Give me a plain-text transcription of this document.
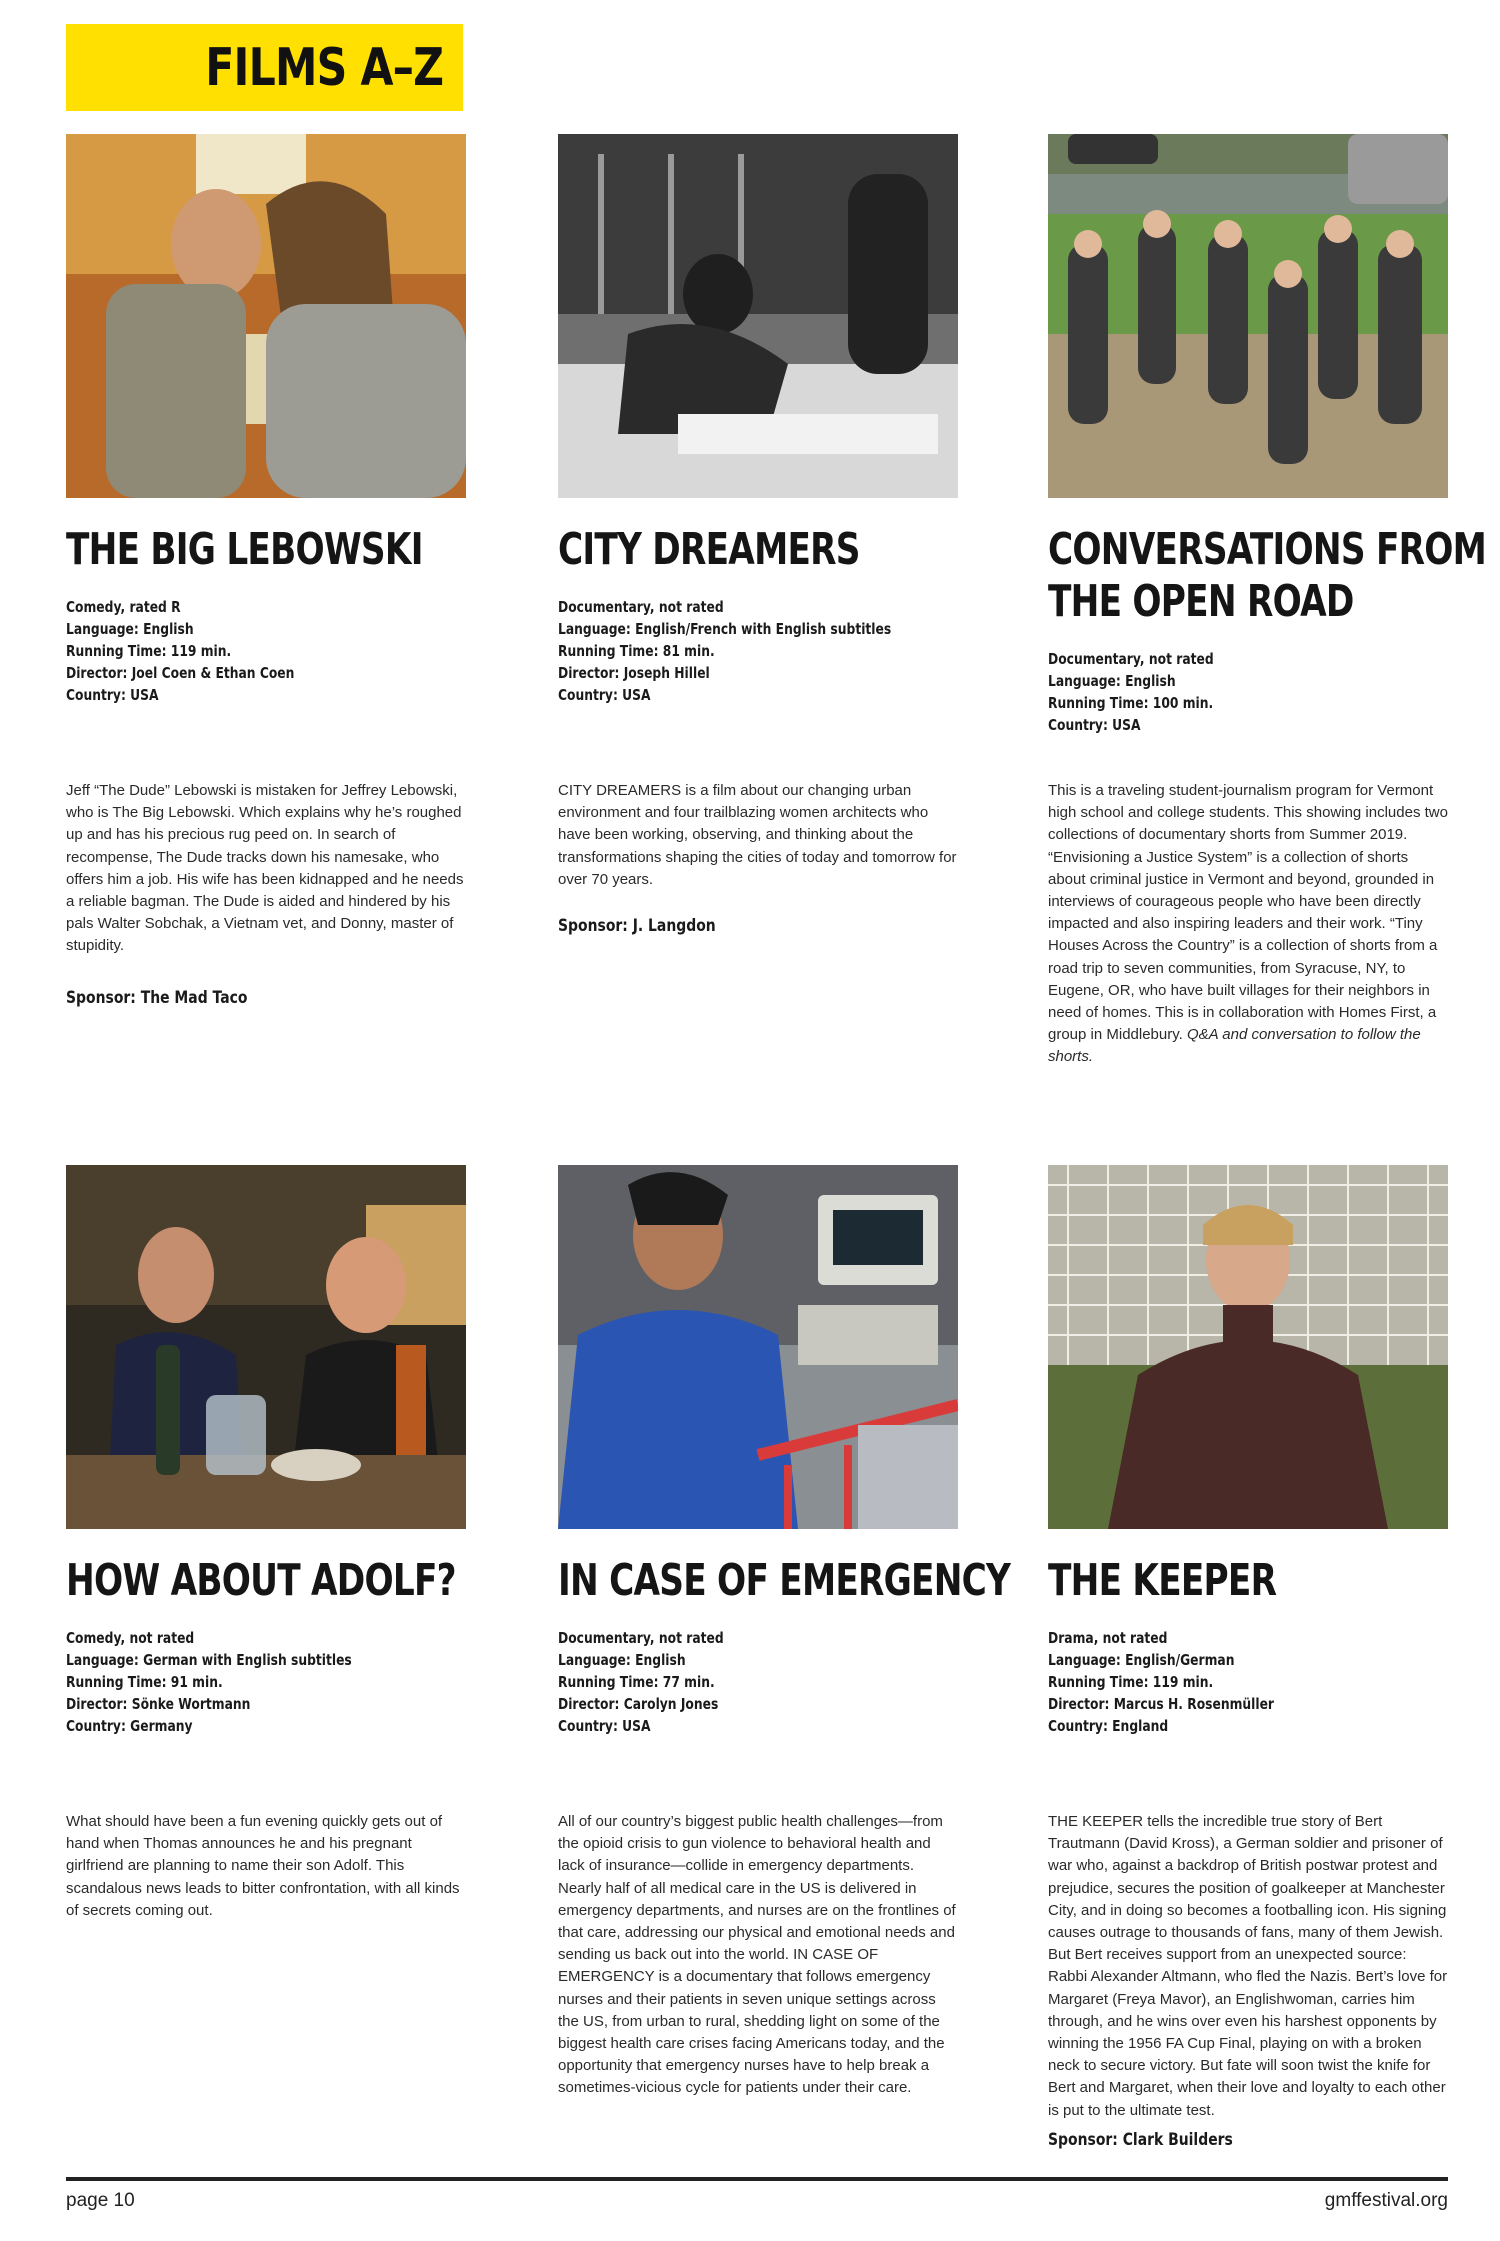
FILMS A–Z
THE BIG LEBOWSKI
Comedy, rated R
Language: English
Running Time: 119 min.
Director: Joel Coen & Ethan Coen
Country: USA
Jeff “The Dude” Lebowski is mistaken for Jeffrey Lebowski, who is The Big Lebowski. Which explains why he’s roughed up and has his precious rug peed on. In search of recompense, The Dude tracks down his namesake, who offers him a job. His wife has been kidnapped and he needs a reliable bagman. The Dude is aided and hindered by his pals Walter Sobchak, a Vietnam vet, and Donny, master of stupidity.
Sponsor: The Mad Taco
CITY DREAMERS
Documentary, not rated
Language: English/French with English subtitles
Running Time: 81 min.
Director: Joseph Hillel
Country: USA
CITY DREAMERS is a film about our changing urban environment and four trailblazing women architects who have been working, observing, and thinking about the transformations shaping the cities of today and tomorrow for over 70 years.
Sponsor: J. Langdon
CONVERSATIONS FROM
THE OPEN ROAD
Documentary, not rated
Language: English
Running Time: 100 min.
Country: USA
This is a traveling student-journalism program for Vermont high school and college students. This showing includes two collections of documentary shorts from Summer 2019. “Envisioning a Justice System” is a collection of shorts about criminal justice in Vermont and beyond, grounded in interviews of courageous people who have been directly impacted and also inspiring leaders and their work. “Tiny Houses Across the Country” is a collection of shorts from a road trip to seven communities, from Syracuse, NY, to Eugene, OR, who have built villages for their neighbors in need of homes. This is in collaboration with Homes First, a group in Middlebury. Q&A and conversation to follow the shorts.
HOW ABOUT ADOLF?
Comedy, not rated
Language: German with English subtitles
Running Time: 91 min.
Director: Sönke Wortmann
Country: Germany
What should have been a fun evening quickly gets out of hand when Thomas announces he and his pregnant girlfriend are planning to name their son Adolf. This scandalous news leads to bitter confrontation, with all kinds of secrets coming out.
IN CASE OF EMERGENCY
Documentary, not rated
Language: English
Running Time: 77 min.
Director: Carolyn Jones
Country: USA
All of our country’s biggest public health challenges—from the opioid crisis to gun violence to behavioral health and lack of insurance—collide in emergency departments. Nearly half of all medical care in the US is delivered in emergency departments, and nurses are on the frontlines of that care, addressing our physical and emotional needs and sending us back out into the world. IN CASE OF EMERGENCY is a documentary that follows emergency nurses and their patients in seven unique settings across the US, from urban to rural, shedding light on some of the biggest health care crises facing Americans today, and the opportunity that emergency nurses have to help break a sometimes-vicious cycle for patients under their care.
THE KEEPER
Drama, not rated
Language: English/German
Running Time: 119 min.
Director: Marcus H. Rosenmüller
Country: England
THE KEEPER tells the incredible true story of Bert Trautmann (David Kross), a German soldier and prisoner of war who, against a backdrop of British postwar protest and prejudice, secures the position of goalkeeper at Manchester City, and in doing so becomes a footballing icon. His signing causes outrage to thousands of fans, many of them Jewish. But Bert receives support from an unexpected source: Rabbi Alexander Altmann, who fled the Nazis. Bert’s love for Margaret (Freya Mavor), an Englishwoman, carries him through, and he wins over even his harshest opponents by winning the 1956 FA Cup Final, playing on with a broken neck to secure victory. But fate will soon twist the knife for Bert and Margaret, when their love and loyalty to each other is put to the ultimate test.
Sponsor: Clark Builders
page 10	gmffestival.org
